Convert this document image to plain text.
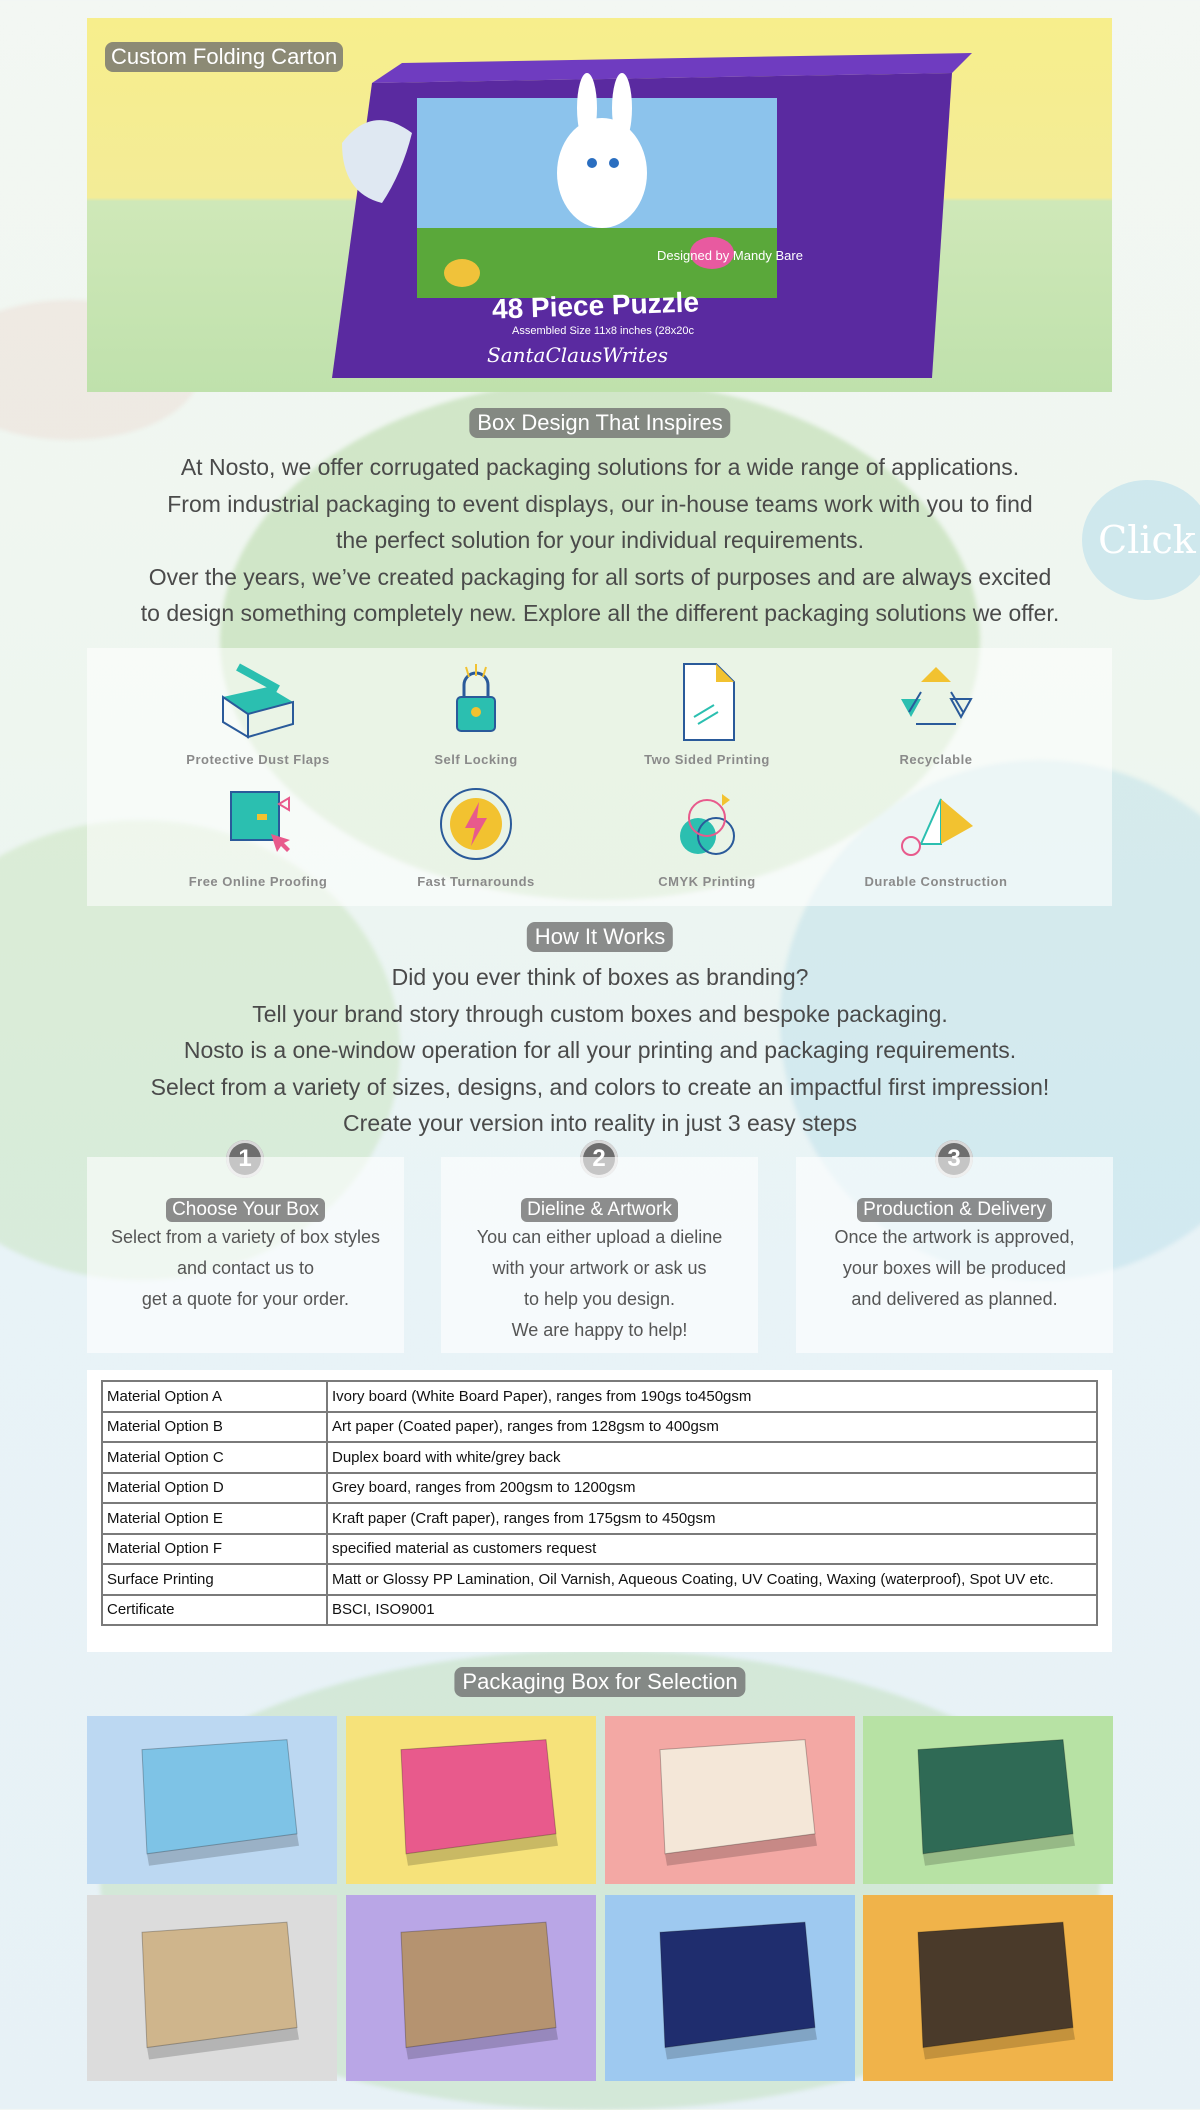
Click
Custom Folding Carton
Designed by Mandy Bare
48 Piece Puzzle
Assembled Size 11x8 inches (28x20c
SantaClausWrites
Box Design That Inspires
At Nosto, we offer corrugated packaging solutions for a wide range of applications.
From industrial packaging to event displays, our in-house teams work with you to find
the perfect solution for your individual requirements.
Over the years, we’ve created packaging for all sorts of purposes and are always excited
to design something completely new. Explore all the different packaging solutions we offer.
Protective Dust Flaps	Self Locking	Two Sided Printing	Recyclable
Free Online Proofing	Fast Turnarounds	CMYK Printing	Durable Construction
How It Works
Did you ever think of boxes as branding?
Tell your brand story through custom boxes and bespoke packaging.
Nosto is a one-window operation for all your printing and packaging requirements.
Select from a variety of sizes, designs, and colors to create an impactful first impression!
Create your version into reality in just 3 easy steps
Choose Your Box
Select from a variety of box styles
and contact us to
get a quote for your order.
Dieline & Artwork
You can either upload a dieline
with your artwork or ask us
to help you design.
We are happy to help!
Production & Delivery
Once the artwork is approved,
your boxes will be produced
and delivered as planned.
Material Option A	Ivory board (White Board Paper), ranges from 190gs to450gsm
Material Option B	Art paper (Coated paper), ranges from 128gsm to 400gsm
Material Option C	Duplex board with white/grey back
Material Option D	Grey board, ranges from 200gsm to 1200gsm
Material Option E	Kraft paper (Craft paper), ranges from 175gsm to 450gsm
Material Option F	specified material as customers request
Surface Printing	Matt or Glossy PP Lamination, Oil Varnish, Aqueous Coating, UV Coating, Waxing (waterproof), Spot UV etc.
Certificate	BSCI, ISO9001
Packaging Box for Selection
